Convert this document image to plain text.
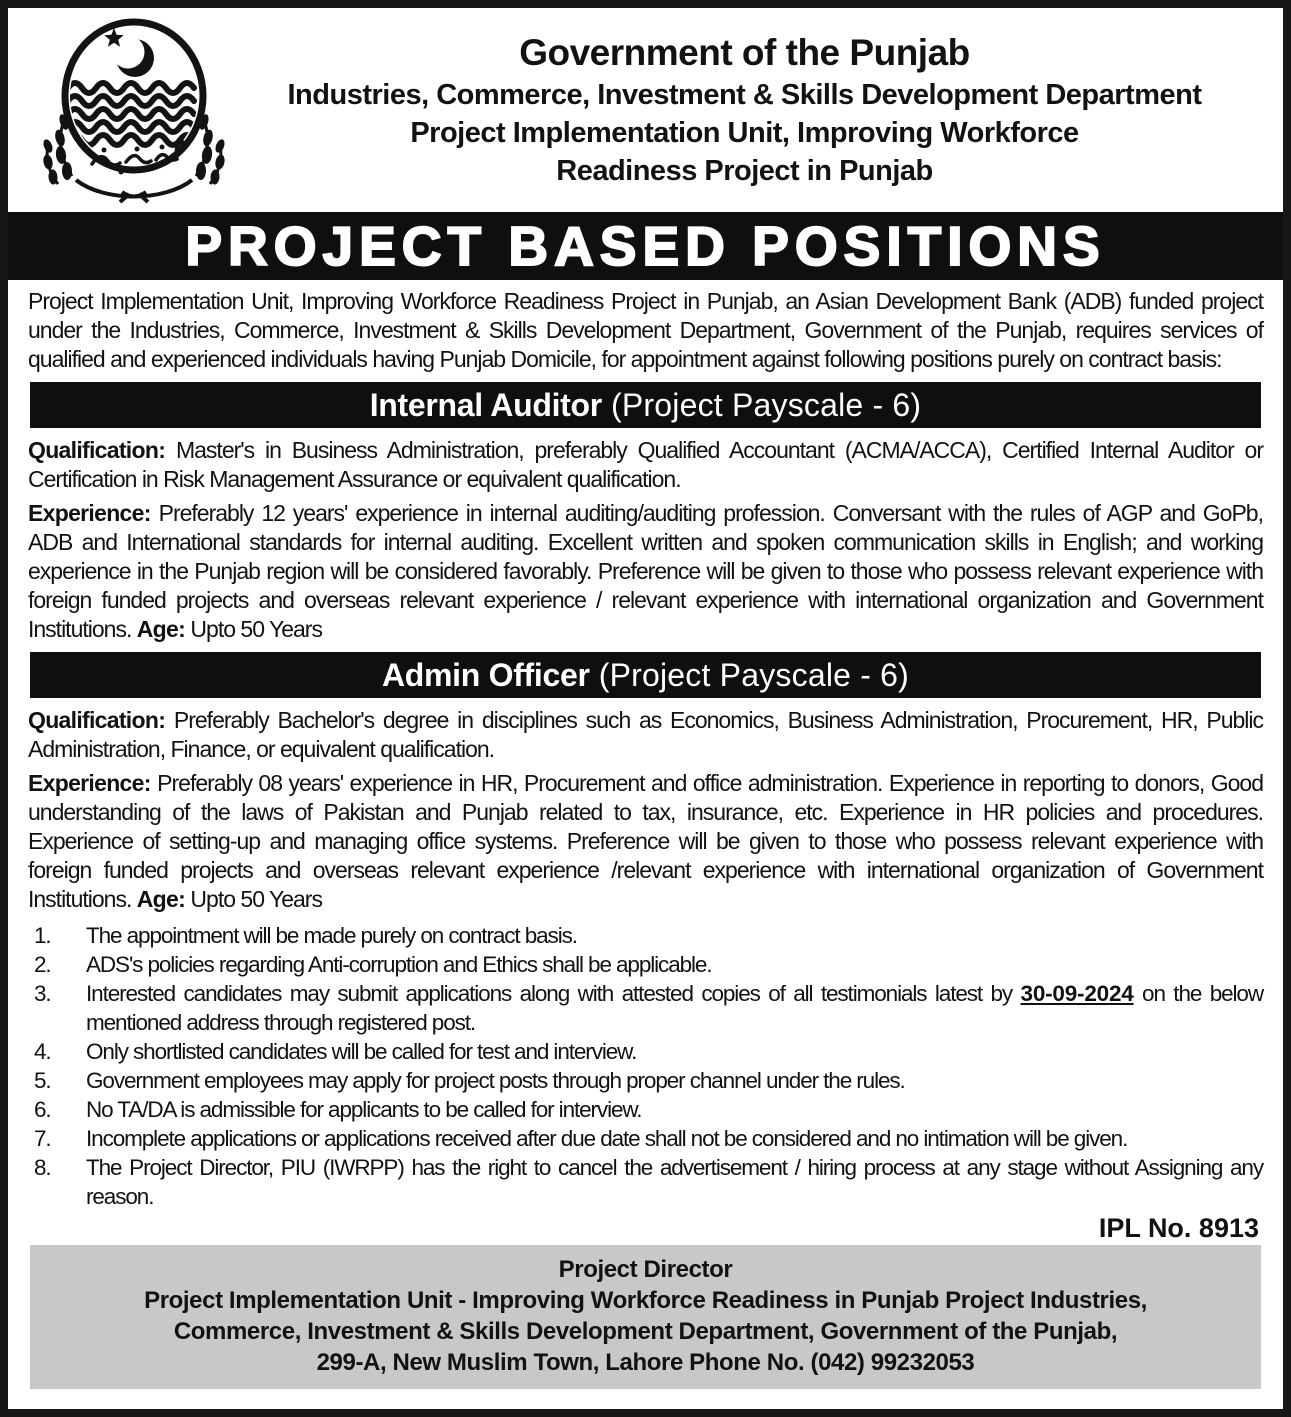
Government of the Punjab
Industries, Commerce, Investment & Skills Development Department
Project Implementation Unit, Improving Workforce
Readiness Project in Punjab
PROJECT BASED POSITIONS

Project Implementation Unit, Improving Workforce Readiness Project in Punjab, an Asian Development Bank (ADB) funded project under the Industries, Commerce, Investment & Skills Development Department, Government of the Punjab, requires services of qualified and experienced individuals having Punjab Domicile, for appointment against following positions purely on contract basis:

Internal Auditor (Project Payscale - 6)

Qualification: Master's in Business Administration, preferably Qualified Accountant (ACMA/ACCA), Certified Internal Auditor or Certification in Risk Management Assurance or equivalent qualification.

Experience: Preferably 12 years' experience in internal auditing/auditing profession. Conversant with the rules of AGP and GoPb, ADB and International standards for internal auditing. Excellent written and spoken communication skills in English; and working experience in the Punjab region will be considered favorably. Preference will be given to those who possess relevant experience with foreign funded projects and overseas relevant experience / relevant experience with international organization and Government Institutions. Age: Upto 50 Years

Admin Officer (Project Payscale - 6)

Qualification: Preferably Bachelor's degree in disciplines such as Economics, Business Administration, Procurement, HR, Public Administration, Finance, or equivalent qualification.

Experience: Preferably 08 years' experience in HR, Procurement and office administration. Experience in reporting to donors, Good understanding of the laws of Pakistan and Punjab related to tax, insurance, etc. Experience in HR policies and procedures. Experience of setting-up and managing office systems. Preference will be given to those who possess relevant experience with foreign funded projects and overseas relevant experience /relevant experience with international organization of Government Institutions. Age: Upto 50 Years

1.	The appointment will be made purely on contract basis.
2.	ADS's policies regarding Anti-corruption and Ethics shall be applicable.
3.	Interested candidates may submit applications along with attested copies of all testimonials latest by 30-09-2024 on the below mentioned address through registered post.
4.	Only shortlisted candidates will be called for test and interview.
5.	Government employees may apply for project posts through proper channel under the rules.
6.	No TA/DA is admissible for applicants to be called for interview.
7.	Incomplete applications or applications received after due date shall not be considered and no intimation will be given.
8.	The Project Director, PIU (IWRPP) has the right to cancel the advertisement / hiring process at any stage without Assigning any reason.
IPL No. 8913
Project Director
Project Implementation Unit - Improving Workforce Readiness in Punjab Project Industries,
Commerce, Investment & Skills Development Department, Government of the Punjab,
299-A, New Muslim Town, Lahore Phone No. (042) 99232053
